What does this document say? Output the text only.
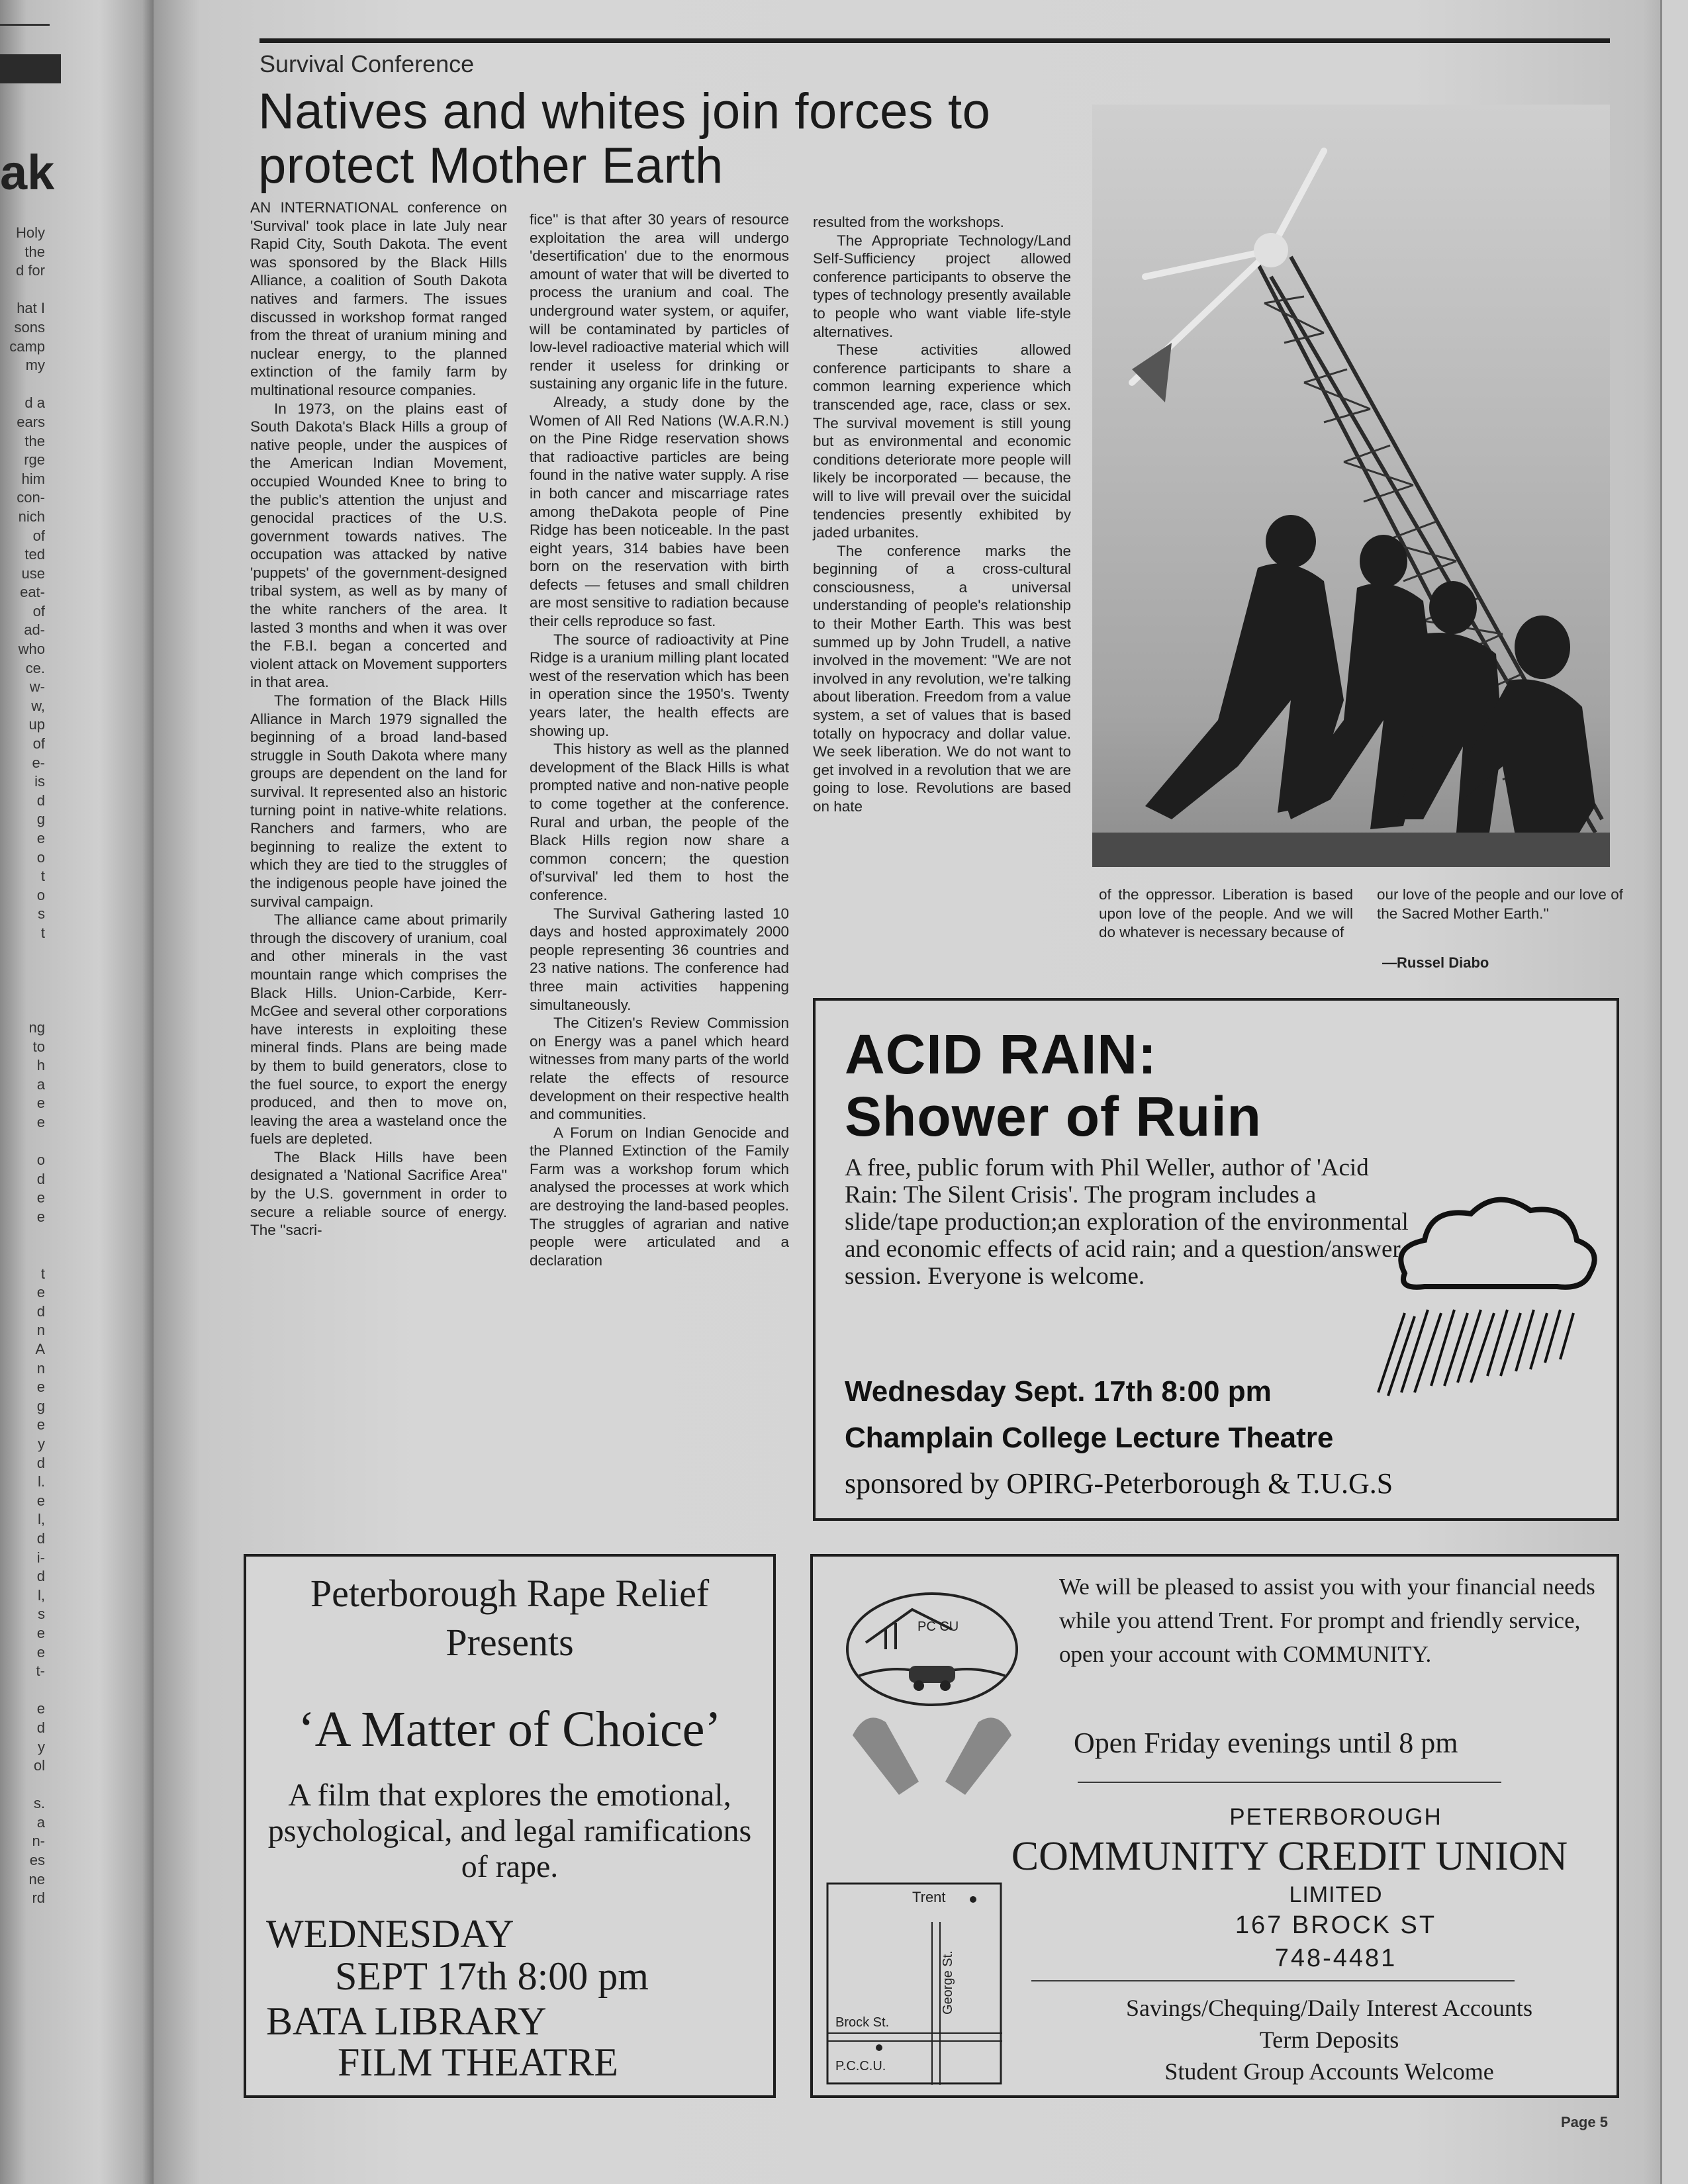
ak
Holy
the
d for

hat I
sons
camp
my

d a
ears
the
rge
him
con-
nich
of
ted
use
eat-
of
ad-
who
ce.
w-
w,
up
of
e-
is
d
g
e
o
t
o
s
t

ng
to
h
a
e
e

o
d
e
e

t
e
d
n
A
n
e
g
e
y
d
l.
e
l,
d
i-
d
l,
s
e
e
t-

e
d
y
ol

s.
a
n-
es
ne
rd
Survival Conference
Natives and whites join forces to protect Mother Earth

AN INTERNATIONAL conference on 'Survival' took place in late July near Rapid City, South Dakota. The event was sponsored by the Black Hills Alliance, a coalition of South Dakota natives and farmers. The issues discussed in workshop format ranged from the threat of uranium mining and nuclear energy, to the planned extinction of the family farm by multinational resource companies.

In 1973, on the plains east of South Dakota's Black Hills a group of native people, under the auspices of the American Indian Movement, occupied Wounded Knee to bring to the public's attention the unjust and genocidal practices of the U.S. government towards natives. The occupation was attacked by native 'puppets' of the government-designed tribal system, as well as by many of the white ranchers of the area. It lasted 3 months and when it was over the F.B.I. began a concerted and violent attack on Movement supporters in that area.

The formation of the Black Hills Alliance in March 1979 signalled the beginning of a broad land-based struggle in South Dakota where many groups are dependent on the land for survival. It represented also an historic turning point in native-white relations. Ranchers and farmers, who are beginning to realize the extent to which they are tied to the struggles of the indigenous people have joined the survival campaign.

The alliance came about primarily through the discovery of uranium, coal and other minerals in the vast mountain range which comprises the Black Hills. Union-Carbide, Kerr-McGee and several other corporations have interests in exploiting these mineral finds. Plans are being made by them to build generators, close to the fuel source, to export the energy produced, and then to move on, leaving the area a wasteland once the fuels are depleted.

The Black Hills have been designated a 'National Sacrifice Area'' by the U.S. government in order to secure a reliable source of energy. The ''sacri-

fice'' is that after 30 years of resource exploitation the area will undergo 'desertification' due to the enormous amount of water that will be diverted to process the uranium and coal. The underground water system, or aquifer, will be contaminated by particles of low-level radioactive material which will render it useless for drinking or sustaining any organic life in the future.

Already, a study done by the Women of All Red Nations (W.A.R.N.) on the Pine Ridge reservation shows that radioactive particles are being found in the native water supply. A rise in both cancer and miscarriage rates among theDakota people of Pine Ridge has been noticeable. In the past eight years, 314 babies have been born on the reservation with birth defects — fetuses and small children are most sensitive to radiation because their cells reproduce so fast.

The source of radioactivity at Pine Ridge is a uranium milling plant located west of the reservation which has been in operation since the 1950's. Twenty years later, the health effects are showing up.

This history as well as the planned development of the Black Hills is what prompted native and non-native people to come together at the conference. Rural and urban, the people of the Black Hills region now share a common concern; the question of'survival' led them to host the conference.

The Survival Gathering lasted 10 days and hosted approximately 2000 people representing 36 countries and 23 native nations. The conference had three main activities happening simultaneously.

The Citizen's Review Commission on Energy was a panel which heard witnesses from many parts of the world relate the effects of resource development on their respective health and communities.

A Forum on Indian Genocide and the Planned Extinction of the Family Farm was a workshop forum which analysed the processes at work which are destroying the land-based peoples. The struggles of agrarian and native people were articulated and a declaration

resulted from the workshops.

The Appropriate Technology/Land Self-Sufficiency project allowed conference participants to observe the types of technology presently available to people who want viable life-style alternatives.

These activities allowed conference participants to share a common learning experience which transcended age, race, class or sex. The survival movement is still young but as environmental and economic conditions deteriorate more people will likely be incorporated — because, the will to live will prevail over the suicidal tendencies presently exhibited by jaded urbanites.

The conference marks the beginning of a cross-cultural consciousness, a universal understanding of people's relationship to their Mother Earth. This was best summed up by John Trudell, a native involved in the movement: ''We are not involved in any revolution, we're talking about liberation. Freedom from a value system, a set of values that is based totally on hypocracy and dollar value. We seek liberation. We do not want to get involved in a revolution that we are going to lose. Revolutions are based on hate

of the oppressor. Liberation is based upon love of the people. And we will do whatever is necessary because of
our love of the people and our love of the Sacred Mother Earth.''
—Russel Diabo
ACID RAIN:
Shower of Ruin
A free, public forum with Phil Weller, author of 'Acid Rain: The Silent Crisis'. The program includes a slide/tape production;an exploration of the environmental and economic effects of acid rain; and a question/answer session. Everyone is welcome.
Wednesday Sept. 17th 8:00 pm
Champlain College Lecture Theatre
sponsored by OPIRG-Peterborough & T.U.G.S
Peterborough Rape Relief
Presents
‘A Matter of Choice’
A film that explores the emotional, psychological, and legal ramifications of rape.
WEDNESDAY
SEPT 17th 8:00 pm
BATA LIBRARY
FILM THEATRE
PC CU
We will be pleased to assist you with your financial needs while you attend Trent. For prompt and friendly service, open your account with COMMUNITY.
Open Friday evenings until 8 pm
PETERBOROUGH
COMMUNITY CREDIT UNION
LIMITED
167 BROCK ST
748-4481
Savings/Chequing/Daily Interest Accounts
Term Deposits
Student Group Accounts Welcome
Trent
George St.
Brock St.
P.C.C.U.
Page 5
